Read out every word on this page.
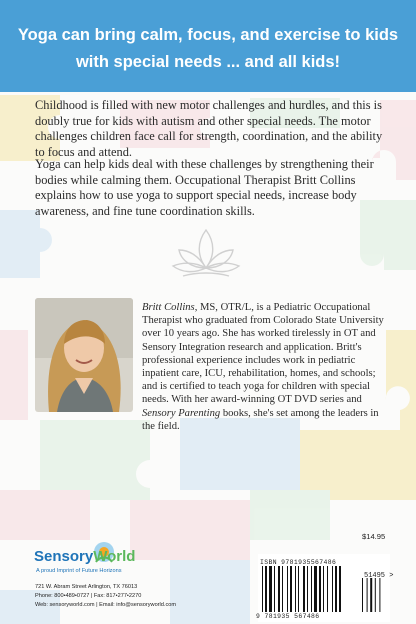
Yoga can bring calm, focus, and exercise to kids
with special needs ... and all kids!
Childhood is filled with new motor challenges and hurdles, and this is doubly true for kids with autism and other special needs. The motor challenges children face call for strength, coordination, and the ability to focus and attend.
Yoga can help kids deal with these challenges by strengthening their bodies while calming them. Occupational Therapist Britt Collins explains how to use yoga to support special needs, increase body awareness, and fine tune coordination skills.
Britt Collins, MS, OTR/L, is a Pediatric Occupational Therapist who graduated from Colorado State University over 10 years ago. She has worked tirelessly in OT and Sensory Integration research and application. Britt's professional experience includes work in pediatric inpatient care, ICU, rehabilitation, homes, and schools; and is certified to teach yoga for children with special needs. With her award-winning OT DVD series and Sensory Parenting books, she's set among the leaders in the field.
SensoryWorld
A proud Imprint of Future Horizons
721 W. Abram Street Arlington, TX 76013
Phone: 800•489•0727 | Fax: 817•277•2270
Web: sensoryworld.com | Email: info@sensoryworld.com
$14.95
ISBN 9781935567486
51495 >
9 781935 567486
